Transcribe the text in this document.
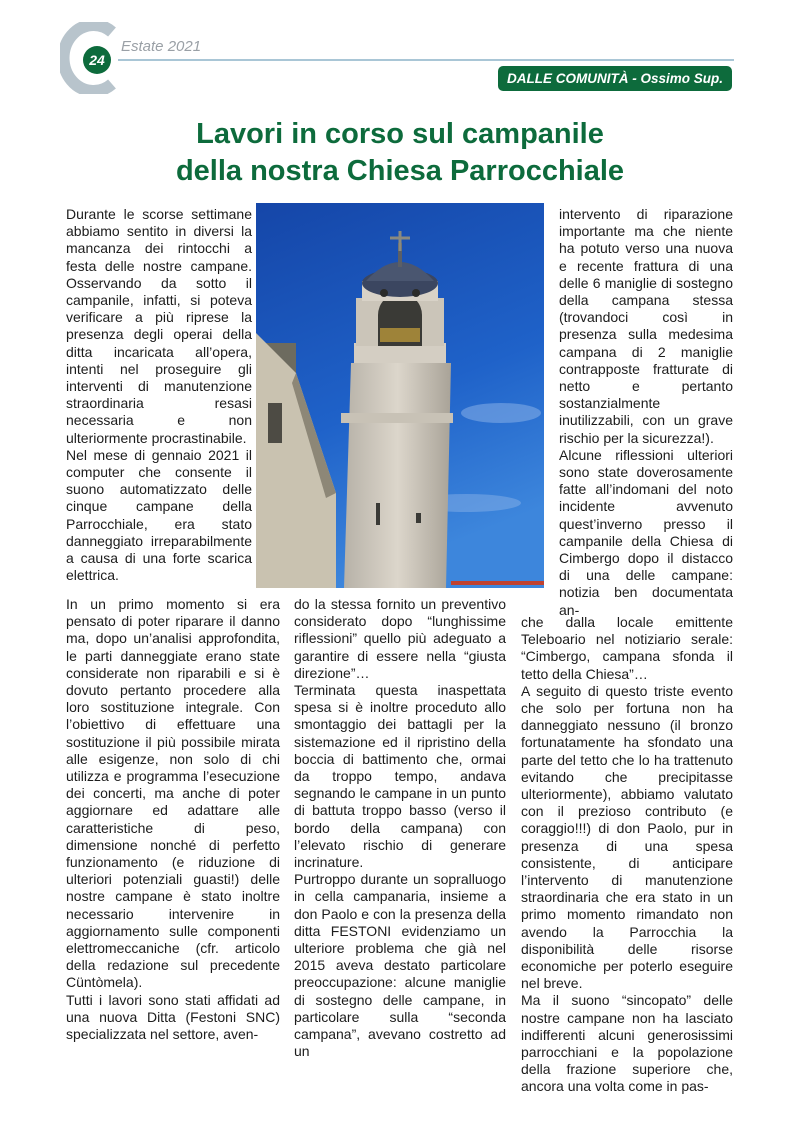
24
Estate 2021
DALLE COMUNITÀ - Ossimo Sup.
Lavori in corso sul campanile
della nostra Chiesa Parrocchiale

Durante le scorse settimane abbiamo sentito in diversi la mancanza dei rintocchi a festa delle nostre campane. Osservando da sotto il campanile, infatti, si poteva verificare a più riprese la presenza degli operai della ditta incaricata all’opera, intenti nel proseguire gli interventi di manutenzione straordinaria resasi necessaria e non ulteriormente procrastinabile.

Nel mese di gennaio 2021 il computer che consente il suono automatizzato delle cinque campane della Parrocchiale, era stato danneggiato irreparabilmente a causa di una forte scarica elettrica.

In un primo momento si era pensato di poter riparare il danno ma, dopo un’analisi approfondita, le parti danneggiate erano state considerate non riparabili e si è dovuto pertanto procedere alla loro sostituzione integrale. Con l’obiettivo di effettuare una sostituzione il più possibile mirata alle esigenze, non solo di chi utilizza e programma l’esecuzione dei concerti, ma anche di poter aggiornare ed adattare alle caratteristiche di peso, dimensione nonché di perfetto funzionamento (e riduzione di ulteriori potenziali guasti!) delle nostre campane è stato inoltre necessario intervenire in aggiornamento sulle componenti elettromeccaniche (cfr. articolo della redazione sul precedente Cüntòmela).

Tutti i lavori sono stati affidati ad una nuova Ditta (Festoni SNC) specializzata nel settore, aven-

do la stessa fornito un preventivo considerato dopo “lunghissime riflessioni” quello più adeguato a garantire di essere nella “giusta direzione”…

Terminata questa inaspettata spesa si è inoltre proceduto allo smontaggio dei battagli per la sistemazione ed il ripristino della boccia di battimento che, ormai da troppo tempo, andava segnando le campane in un punto di battuta troppo basso (verso il bordo della campana) con l’elevato rischio di generare incrinature.

Purtroppo durante un sopralluogo in cella campanaria, insieme a don Paolo e con la presenza della ditta FESTONI evidenziamo un ulteriore problema che già nel 2015 aveva destato particolare preoccupazione: alcune maniglie di sostegno delle campane, in particolare sulla “seconda campana”, avevano costretto ad un

intervento di riparazione importante ma che niente ha potuto verso una nuova e recente frattura di una delle 6 maniglie di sostegno della campana stessa (trovandoci così in presenza sulla medesima campana di 2 maniglie contrapposte fratturate di netto e pertanto sostanzialmente inutilizzabili, con un grave rischio per la sicurezza!).

Alcune riflessioni ulteriori sono state doverosamente fatte all’indomani del noto incidente avvenuto quest’inverno presso il campanile della Chiesa di Cimbergo dopo il distacco di una delle campane: notizia ben documentata an-

che dalla locale emittente Teleboario nel notiziario serale: “Cimbergo, campana sfonda il tetto della Chiesa”…

A seguito di questo triste evento che solo per fortuna non ha danneggiato nessuno (il bronzo fortunatamente ha sfondato una parte del tetto che lo ha trattenuto evitando che precipitasse ulteriormente), abbiamo valutato con il prezioso contributo (e coraggio!!!) di don Paolo, pur in presenza di una spesa consistente, di anticipare l’intervento di manutenzione straordinaria che era stato in un primo momento rimandato non avendo la Parrocchia la disponibilità delle risorse economiche per poterlo eseguire nel breve.

Ma il suono “sincopato” delle nostre campane non ha lasciato indifferenti alcuni generosissimi parrocchiani e la popolazione della frazione superiore che, ancora una volta come in pas-
